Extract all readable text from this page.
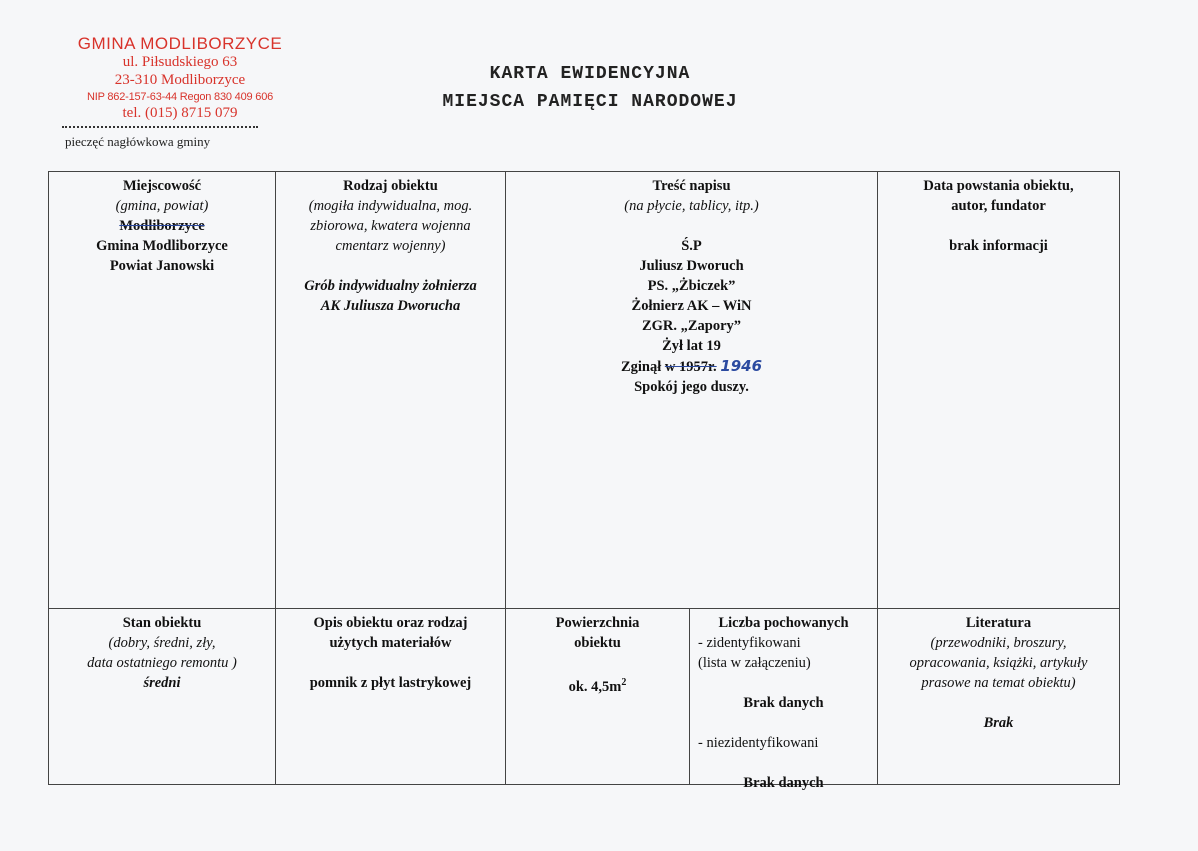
GMINA MODLIBORZYCE
ul. Piłsudskiego 63
23-310 Modliborzyce
NIP 862-157-63-44 Regon 830 409 606
tel. (015) 8715 079
pieczęć nagłówkowa gminy
KARTA EWIDENCYJNA
MIEJSCA PAMIĘCI NARODOWEJ
Miejscowość
(gmina, powiat)
Modliborzyce
Gmina Modliborzyce
Powiat Janowski
Rodzaj obiektu
(mogiła indywidualna, mog.
zbiorowa, kwatera wojenna
cmentarz wojenny)
Grób indywidualny żołnierza
AK Juliusza Dworucha
Treść napisu
(na płycie, tablicy, itp.)
Ś.P
Juliusz Dworuch
PS. „Żbiczek”
Żołnierz AK – WiN
ZGR. „Zapory”
Żył lat 19
Zginął w 1957r. 1946
Spokój jego duszy.
Data powstania obiektu,
autor, fundator
brak informacji
Stan obiektu
(dobry, średni, zły,
data ostatniego remontu )
średni
Opis obiektu oraz rodzaj
użytych materiałów
pomnik z płyt lastrykowej
Powierzchnia
obiektu
ok. $4,5m^2$
Liczba pochowanych
- zidentyfikowani
(lista w załączeniu)
Brak danych
- niezidentyfikowani
Brak danych
Literatura
(przewodniki, broszury,
opracowania, książki, artykuły
prasowe na temat obiektu)
Brak
